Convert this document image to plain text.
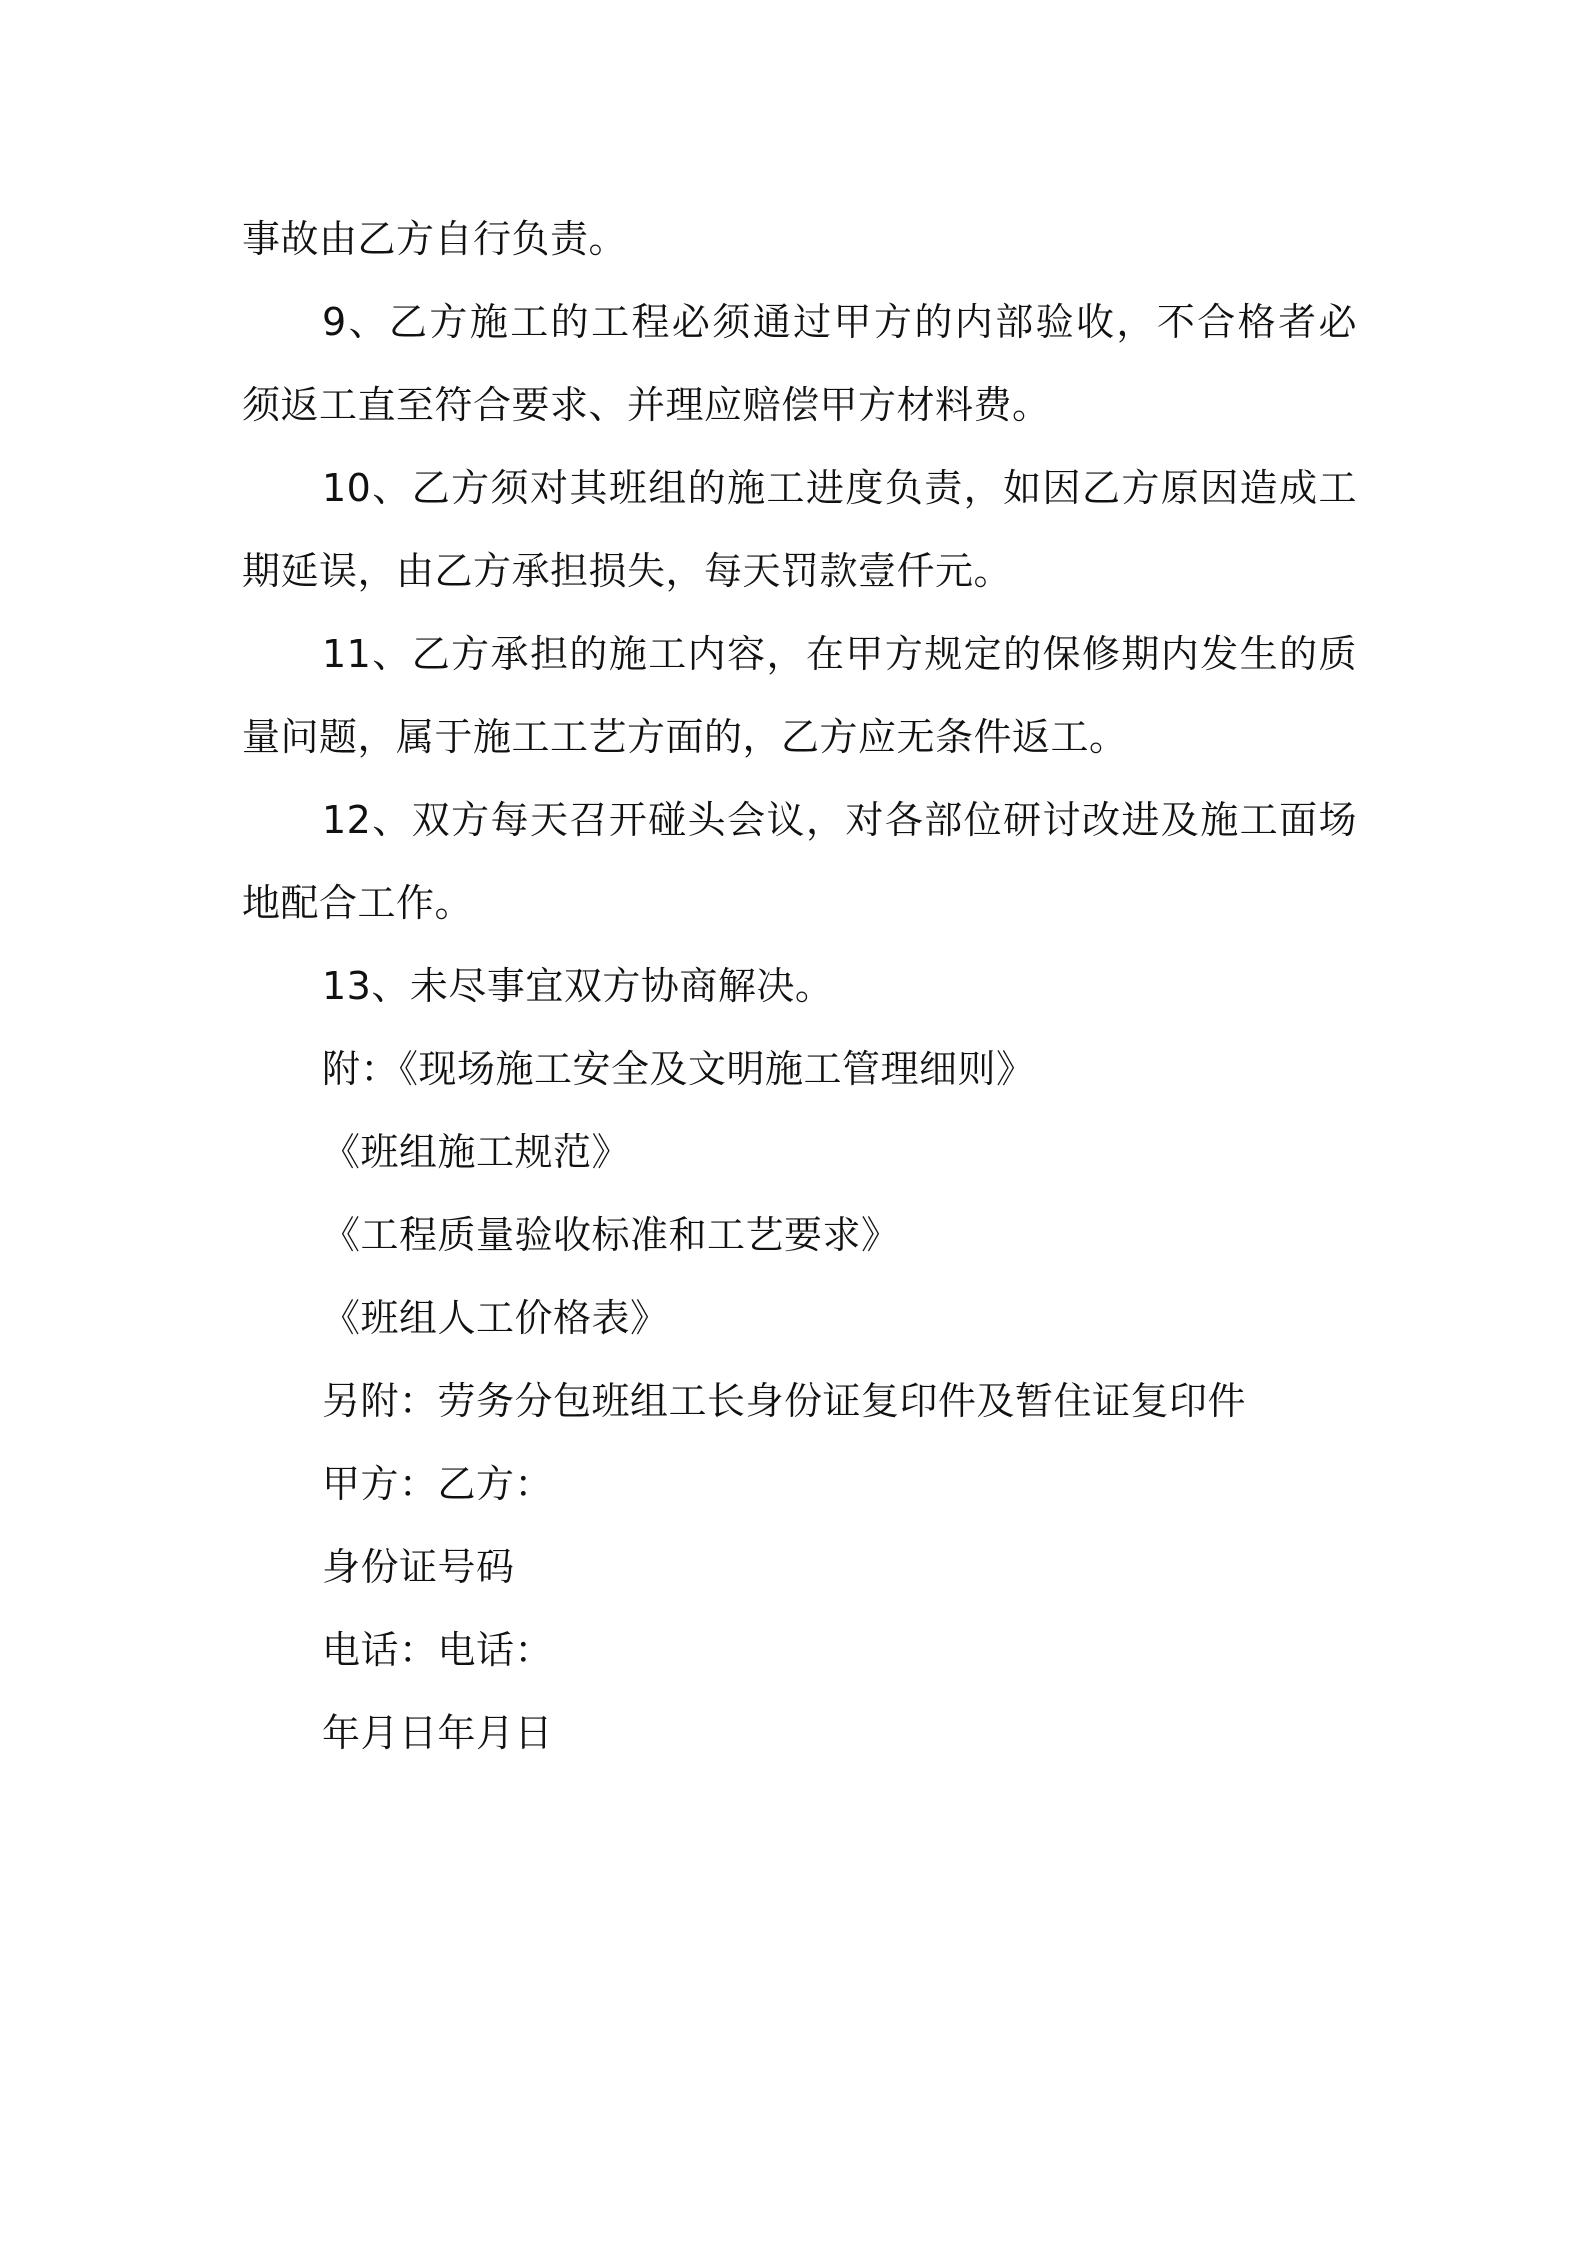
事故由乙方自行负责。
9、乙方施工的工程必须通过甲方的内部验收，不合格者必
须返工直至符合要求、并理应赔偿甲方材料费。
10、乙方须对其班组的施工进度负责，如因乙方原因造成工
期延误，由乙方承担损失，每天罚款壹仟元。
11、乙方承担的施工内容，在甲方规定的保修期内发生的质
量问题，属于施工工艺方面的，乙方应无条件返工。
12、双方每天召开碰头会议，对各部位研讨改进及施工面场
地配合工作。
13、未尽事宜双方协商解决。
附：《现场施工安全及文明施工管理细则》
《班组施工规范》
《工程质量验收标准和工艺要求》
《班组人工价格表》
另附：劳务分包班组工长身份证复印件及暂住证复印件
甲方：乙方：
身份证号码
电话：电话：
年月日年月日
